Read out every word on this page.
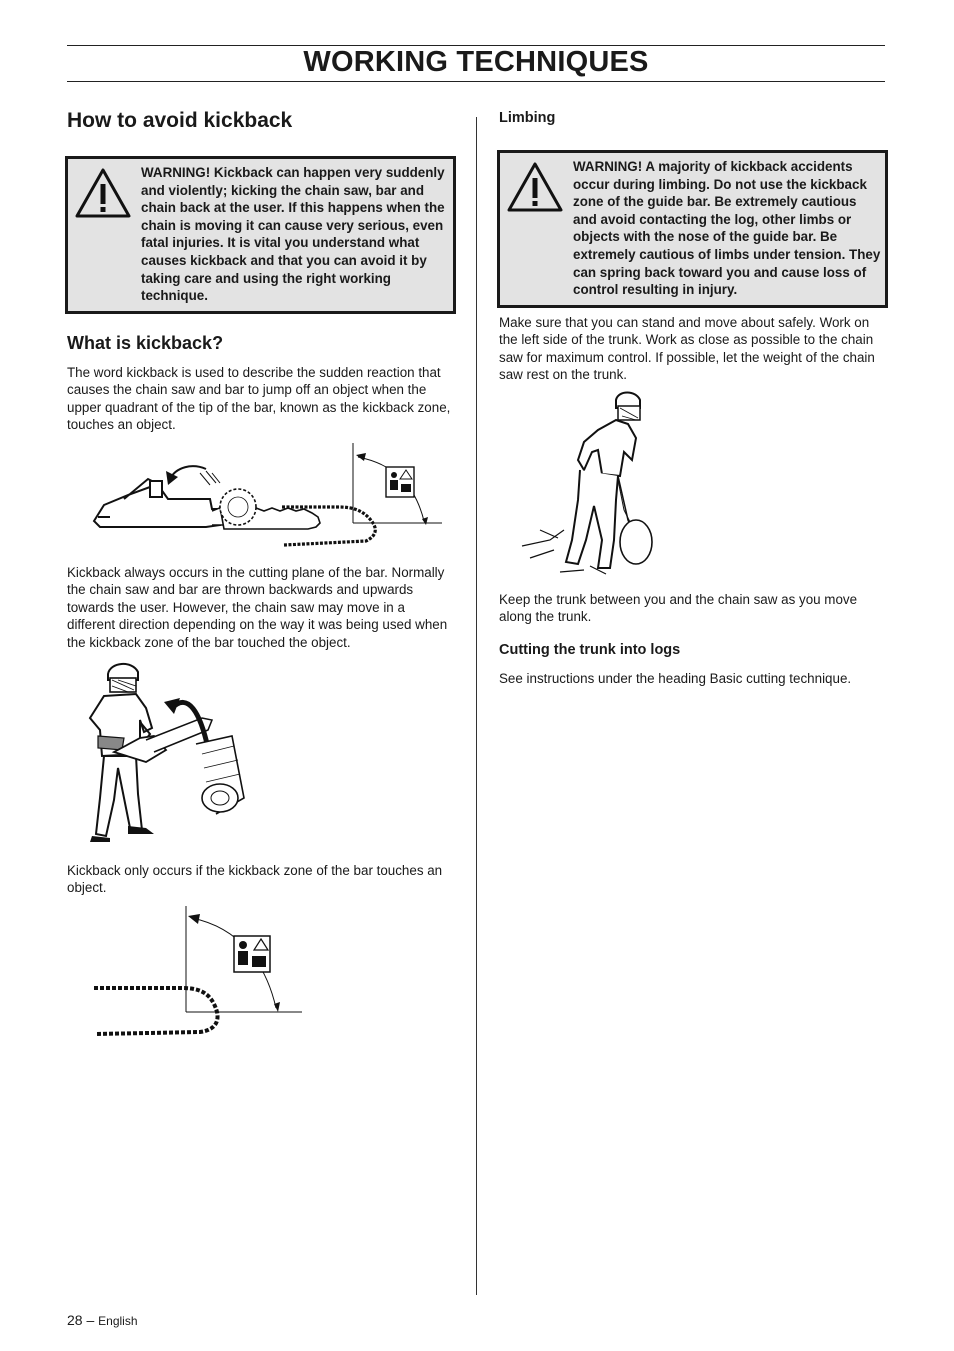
WORKING TECHNIQUES
How to avoid kickback

WARNING! Kickback can happen very suddenly and violently; kicking the chain saw, bar and chain back at the user. If this happens when the chain is moving it can cause very serious, even fatal injuries. It is vital you understand what causes kickback and that you can avoid it by taking care and using the right working technique.

What is kickback?

The word kickback is used to describe the sudden reaction that causes the chain saw and bar to jump off an object when the upper quadrant of the tip of the bar, known as the kickback zone, touches an object.

Kickback always occurs in the cutting plane of the bar. Normally the chain saw and bar are thrown backwards and upwards towards the user. However, the chain saw may move in a different direction depending on the way it was being used when the kickback zone of the bar touched the object.

Kickback only occurs if the kickback zone of the bar touches an object.

Limbing

WARNING! A majority of kickback accidents occur during limbing. Do not use the kickback zone of the guide bar. Be extremely cautious and avoid contacting the log, other limbs or objects with the nose of the guide bar. Be extremely cautious of limbs under tension. They can spring back toward you and cause loss of control resulting in injury.

Make sure that you can stand and move about safely. Work on the left side of the trunk. Work as close as possible to the chain saw for maximum control. If possible, let the weight of the chain saw rest on the trunk.

Keep the trunk between you and the chain saw as you move along the trunk.

Cutting the trunk into logs

See instructions under the heading Basic cutting technique.

28 – English
